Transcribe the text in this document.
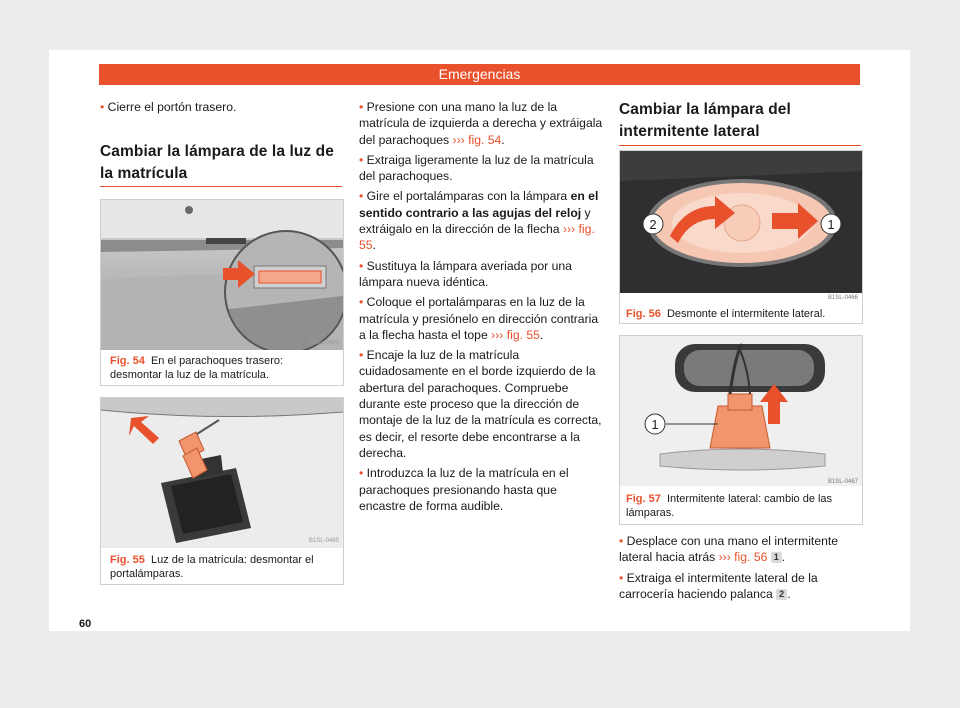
Emergencias

• Cierre el portón trasero.

Cambiar la lámpara de la luz de la matrícula
B1SL-0464
Fig. 54 En el parachoques trasero: desmontar la luz de la matrícula.
B1SL-0465
Fig. 55 Luz de la matrícula: desmontar el portalámparas.

• Presione con una mano la luz de la matrícula de izquierda a derecha y extráigala del parachoques ››› fig. 54.

• Extraiga ligeramente la luz de la matrícula del parachoques.

• Gire el portalámparas con la lámpara en el sentido contrario a las agujas del reloj y extráigalo en la dirección de la flecha ››› fig. 55.

• Sustituya la lámpara averiada por una lámpara nueva idéntica.

• Coloque el portalámparas en la luz de la matrícula y presiónelo en dirección contraria a la flecha hasta el tope ››› fig. 55.

• Encaje la luz de la matrícula cuidadosamente en el borde izquierdo de la abertura del parachoques. Compruebe durante este proceso que la dirección de montaje de la luz de la matrícula es correcta, es decir, el resorte debe encontrarse a la derecha.

• Introduzca la luz de la matrícula en el parachoques presionando hasta que encastre de forma audible.

Cambiar la lámpara del intermitente lateral
2	1
B1SL-0466
Fig. 56 Desmonte el intermitente lateral.
1
B1SL-0467
Fig. 57 Intermitente lateral: cambio de las lámparas.

• Desplace con una mano el intermitente lateral hacia atrás ››› fig. 56 1 .

• Extraiga el intermitente lateral de la carrocería haciendo palanca 2 .

60
